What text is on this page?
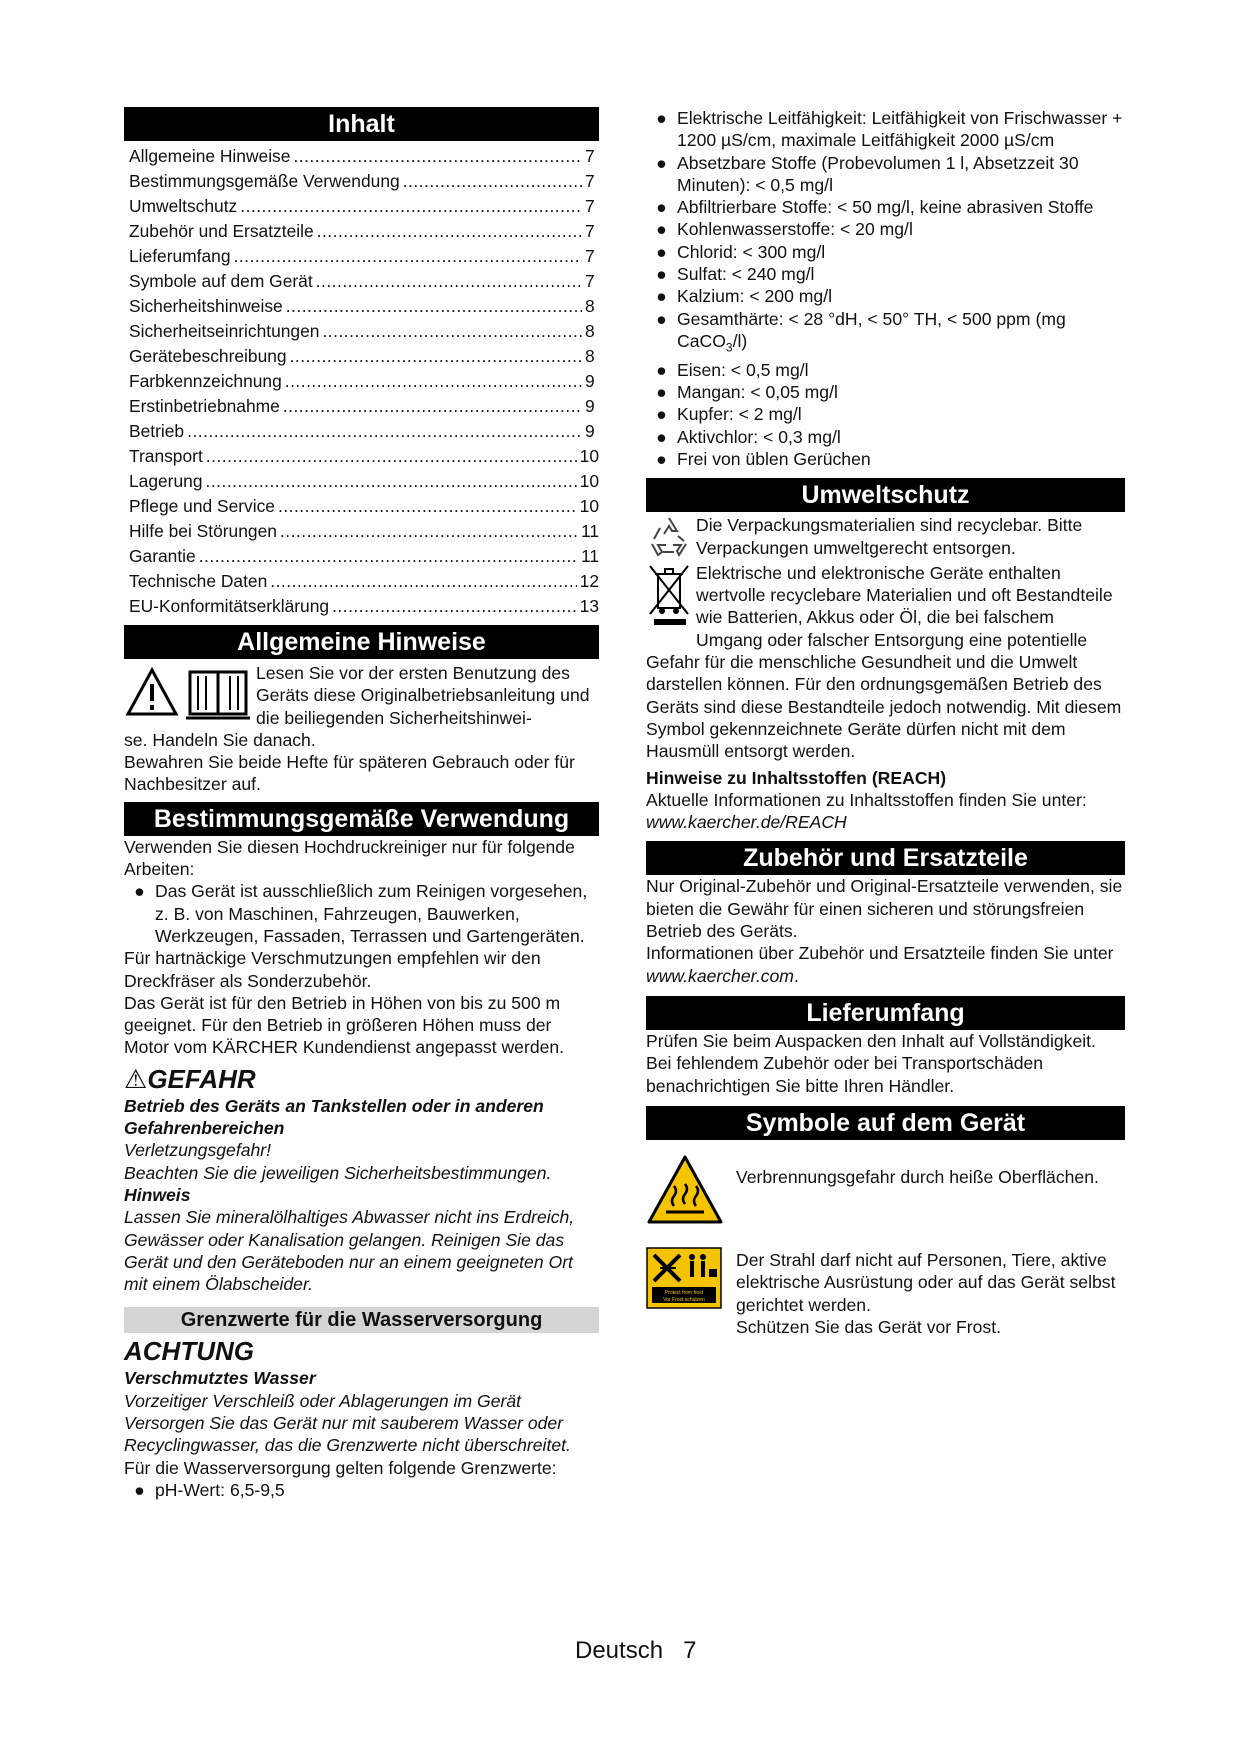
Inhalt
Allgemeine Hinweise .....	7
Bestimmungsgemäße Verwendung .....	7
Umweltschutz .....	7
Zubehör und Ersatzteile .....	7
Lieferumfang .....	7
Symbole auf dem Gerät .....	7
Sicherheitshinweise .....	8
Sicherheitseinrichtungen .....	8
Gerätebeschreibung .....	8
Farbkennzeichnung .....	9
Erstinbetriebnahme .....	9
Betrieb .....	9
Transport .....	10
Lagerung .....	10
Pflege und Service .....	10
Hilfe bei Störungen .....	11
Garantie .....	11
Technische Daten .....	12
EU-Konformitätserklärung .....	13
Allgemeine Hinweise

Lesen Sie vor der ersten Benutzung des Geräts diese Originalbetriebsanleitung und die beiliegenden Sicherheitshinwei-

se. Handeln Sie danach.

Bewahren Sie beide Hefte für späteren Gebrauch oder für Nachbesitzer auf.

Bestimmungsgemäße Verwendung

Verwenden Sie diesen Hochdruckreiniger nur für folgende Arbeiten:

● Das Gerät ist ausschließlich zum Reinigen vorgesehen, z. B. von Maschinen, Fahrzeugen, Bauwerken, Werkzeugen, Fassaden, Terrassen und Gartengeräten.

Für hartnäckige Verschmutzungen empfehlen wir den Dreckfräser als Sonderzubehör.

Das Gerät ist für den Betrieb in Höhen von bis zu 500 m geeignet. Für den Betrieb in größeren Höhen muss der Motor vom KÄRCHER Kundendienst angepasst werden.

⚠GEFAHR

Betrieb des Geräts an Tankstellen oder in anderen Gefahrenbereichen

Verletzungsgefahr!

Beachten Sie die jeweiligen Sicherheitsbestimmungen.

Hinweis

Lassen Sie mineralölhaltiges Abwasser nicht ins Erdreich, Gewässer oder Kanalisation gelangen. Reinigen Sie das Gerät und den Geräteboden nur an einem geeigneten Ort mit einem Ölabscheider.

Grenzwerte für die Wasserversorgung
ACHTUNG

Verschmutztes Wasser

Vorzeitiger Verschleiß oder Ablagerungen im Gerät Versorgen Sie das Gerät nur mit sauberem Wasser oder Recyclingwasser, das die Grenzwerte nicht überschreitet.

Für die Wasserversorgung gelten folgende Grenzwerte:

● pH-Wert: 6,5-9,5
● Elektrische Leitfähigkeit: Leitfähigkeit von Frischwasser + 1200 µS/cm, maximale Leitfähigkeit 2000 µS/cm
● Absetzbare Stoffe (Probevolumen 1 l, Absetzzeit 30 Minuten): < 0,5 mg/l
● Abfiltrierbare Stoffe: < 50 mg/l, keine abrasiven Stoffe
● Kohlenwasserstoffe: < 20 mg/l
● Chlorid: < 300 mg/l
● Sulfat: < 240 mg/l
● Kalzium: < 200 mg/l
● Gesamthärte: < 28 °dH, < 50° TH, < 500 ppm (mg CaCO$_3$/l)
● Eisen: < 0,5 mg/l
● Mangan: < 0,05 mg/l
● Kupfer: < 2 mg/l
● Aktivchlor: < 0,3 mg/l
● Frei von üblen Gerüchen
Umweltschutz

Die Verpackungsmaterialien sind recyclebar. Bitte Verpackungen umweltgerecht entsorgen.

Elektrische und elektronische Geräte enthalten wertvolle recyclebare Materialien und oft Bestandteile wie Batterien, Akkus oder Öl, die bei falschem Umgang oder falscher Entsorgung eine potentielle Gefahr für die menschliche Gesundheit und die Umwelt darstellen können. Für den ordnungsgemäßen Betrieb des Geräts sind diese Bestandteile jedoch notwendig. Mit diesem Symbol gekennzeichnete Geräte dürfen nicht mit dem Hausmüll entsorgt werden.

Hinweise zu Inhaltsstoffen (REACH)

Aktuelle Informationen zu Inhaltsstoffen finden Sie unter: www.kaercher.de/REACH

Zubehör und Ersatzteile

Nur Original-Zubehör und Original-Ersatzteile verwenden, sie bieten die Gewähr für einen sicheren und störungsfreien Betrieb des Geräts.

Informationen über Zubehör und Ersatzteile finden Sie unter www.kaercher.com.

Lieferumfang

Prüfen Sie beim Auspacken den Inhalt auf Vollständigkeit. Bei fehlendem Zubehör oder bei Transportschäden benachrichtigen Sie bitte Ihren Händler.

Symbole auf dem Gerät

Verbrennungsgefahr durch heiße Oberflächen.

Protect from frost
Vor Frost schützen

Der Strahl darf nicht auf Personen, Tiere, aktive elektrische Ausrüstung oder auf das Gerät selbst gerichtet werden.

Schützen Sie das Gerät vor Frost.

Deutsch 7
